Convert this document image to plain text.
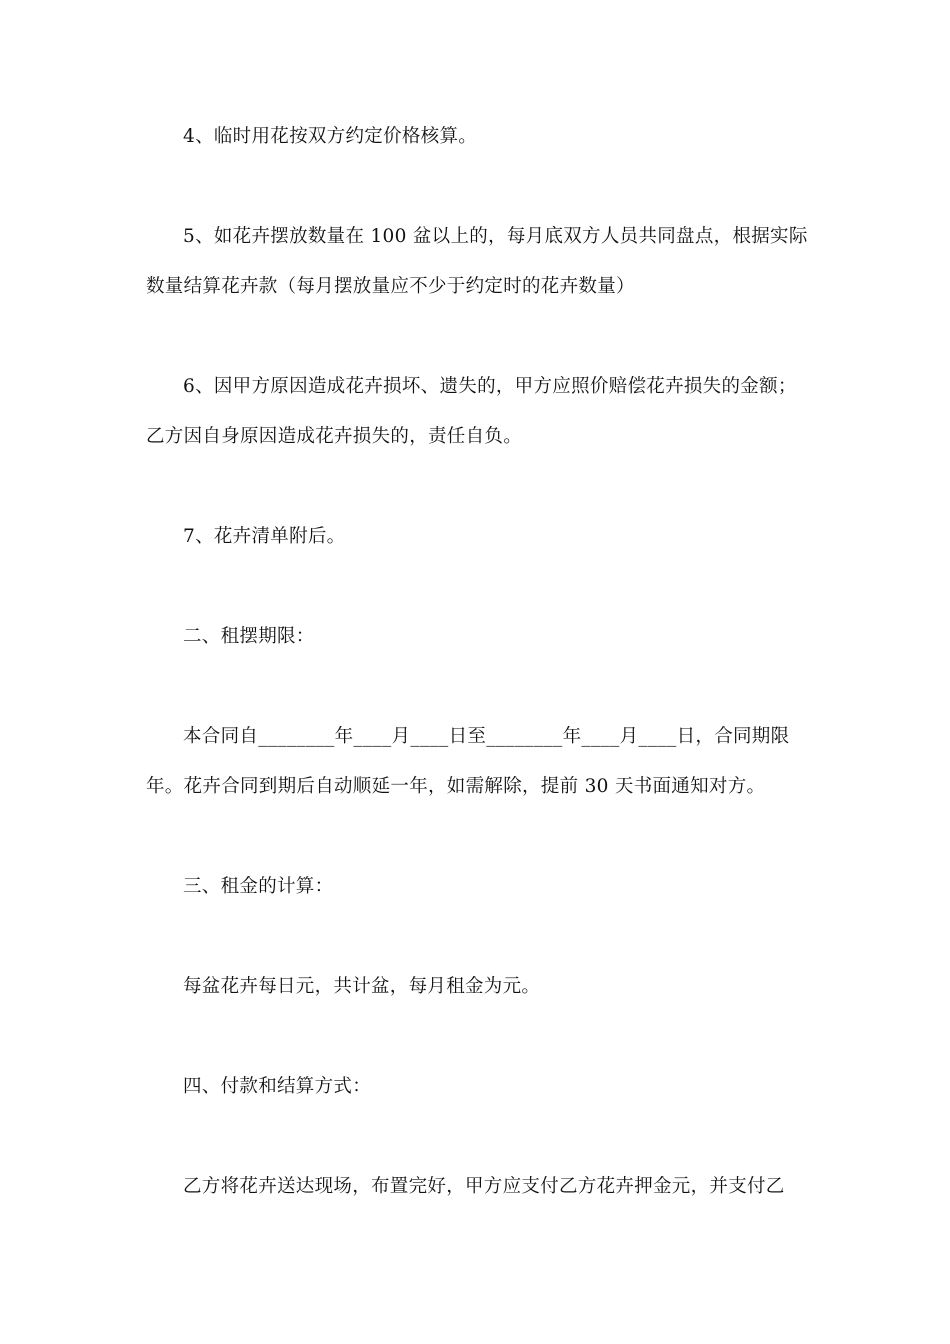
4、临时用花按双方约定价格核算。
5、如花卉摆放数量在 100 盆以上的，每月底双方人员共同盘点，根据实际
数量结算花卉款（每月摆放量应不少于约定时的花卉数量）
6、因甲方原因造成花卉损坏、遗失的，甲方应照价赔偿花卉损失的金额；
乙方因自身原因造成花卉损失的，责任自负。
7、花卉清单附后。
二、租摆期限：
本合同自________年____月____日至________年____月____日，合同期限
年。花卉合同到期后自动顺延一年，如需解除，提前 30 天书面通知对方。
三、租金的计算：
每盆花卉每日元，共计盆，每月租金为元。
四、付款和结算方式：
乙方将花卉送达现场，布置完好，甲方应支付乙方花卉押金元，并支付乙
